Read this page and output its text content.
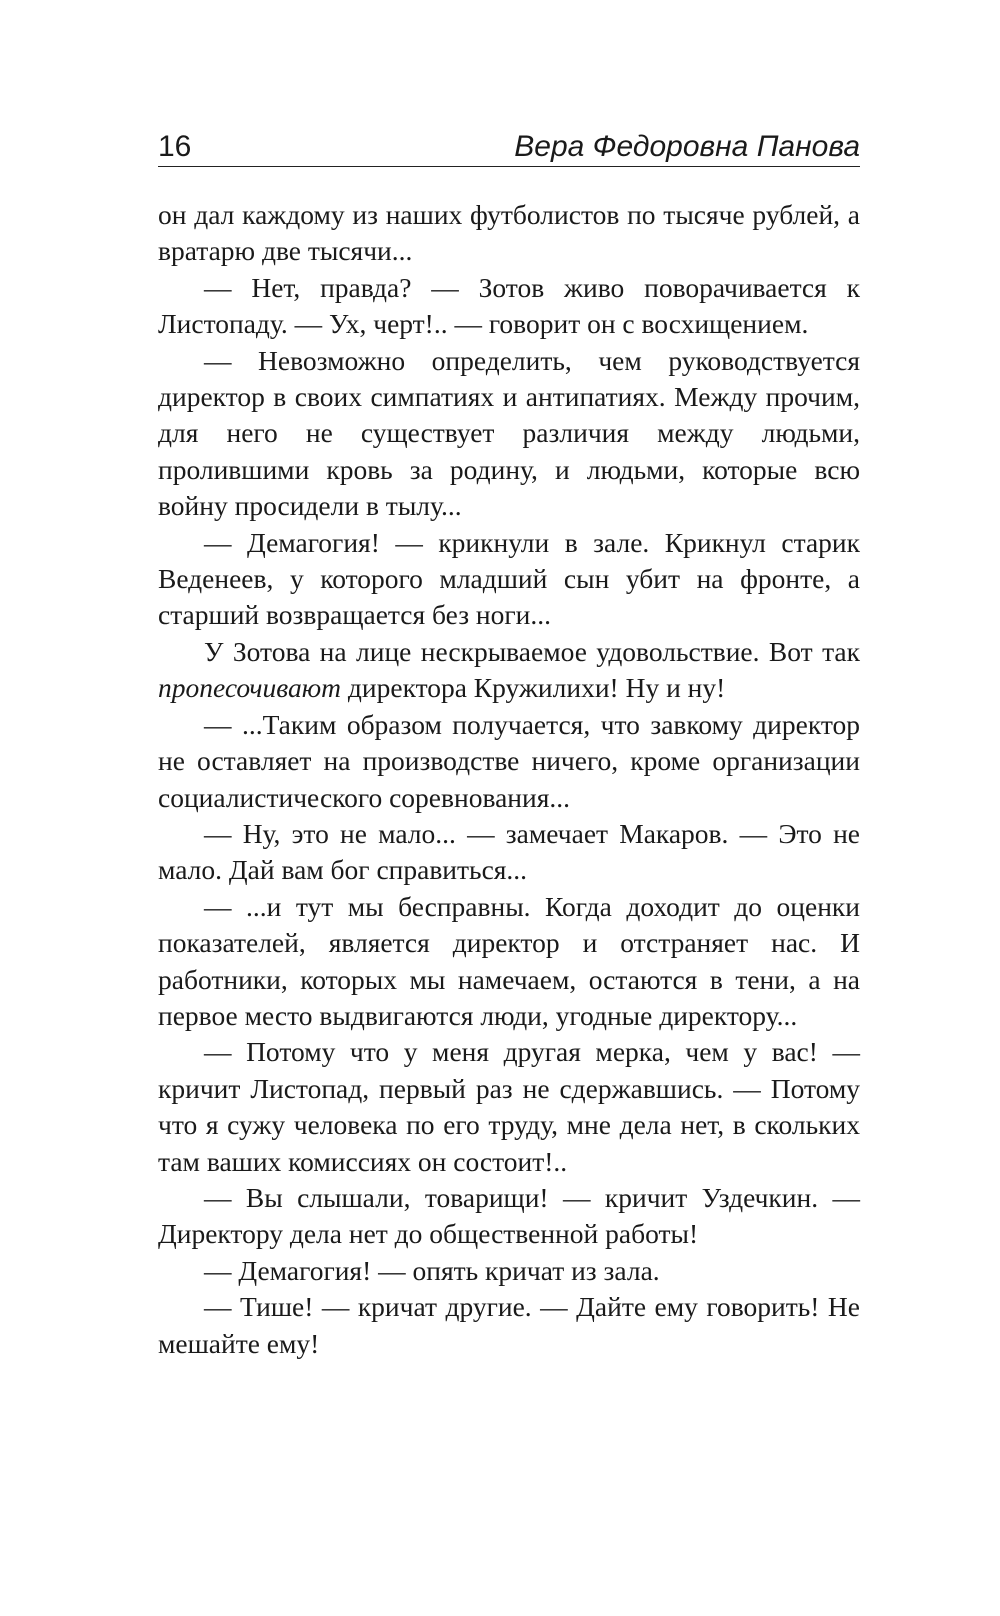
16	Вера Федоровна Панова

он дал каждому из наших футболистов по тысяче рублей, а вратарю две тысячи...

— Нет, правда? — Зотов живо поворачивается к Листопаду. — Ух, черт!.. — говорит он с восхищением.

— Невозможно определить, чем руководствуется директор в своих симпатиях и антипатиях. Между прочим, для него не существует различия между людьми, пролившими кровь за родину, и людьми, которые всю войну просидели в тылу...

— Демагогия! — крикнули в зале. Крикнул старик Веденеев, у которого младший сын убит на фронте, а старший возвращается без ноги...

У Зотова на лице нескрываемое удовольствие. Вот так пропесочивают директора Кружилихи! Ну и ну!

— ...Таким образом получается, что завкому директор не оставляет на производстве ничего, кроме организации социалистического соревнования...

— Ну, это не мало... — замечает Макаров. — Это не мало. Дай вам бог справиться...

— ...и тут мы бесправны. Когда доходит до оценки показателей, является директор и отстраняет нас. И работники, которых мы намечаем, остаются в тени, а на первое место выдвигаются люди, угодные директору...

— Потому что у меня другая мерка, чем у вас! — кричит Листопад, первый раз не сдержавшись. — Потому что я сужу человека по его труду, мне дела нет, в скольких там ваших комиссиях он состоит!..

— Вы слышали, товарищи! — кричит Уздечкин. — Директору дела нет до общественной работы!

— Демагогия! — опять кричат из зала.

— Тише! — кричат другие. — Дайте ему говорить! Не мешайте ему!
